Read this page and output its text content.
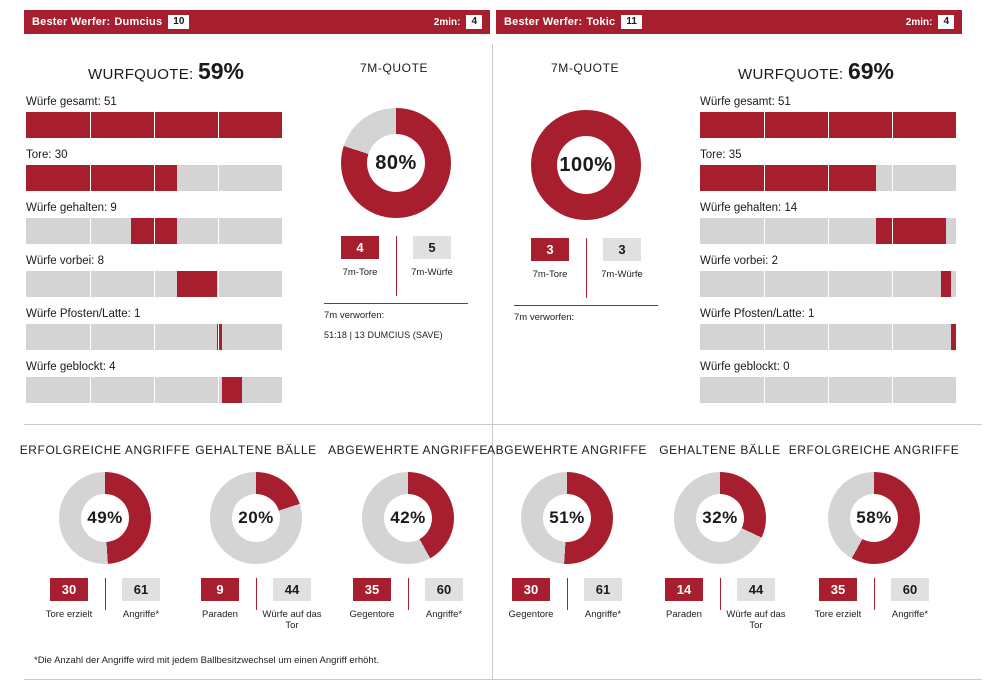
Bester Werfer: Dumcius	10	2min:	4	Bester Werfer: Tokic	11	2min:	4
WURFQUOTE: 59%	7M-QUOTE	7M-QUOTE	WURFQUOTE: 69%
Würfe gesamt: 51
Tore: 30
Würfe gehalten: 9
Würfe vorbei: 8
Würfe Pfosten/Latte: 1
Würfe geblockt: 4
Würfe gesamt: 51
Tore: 35
Würfe gehalten: 14
Würfe vorbei: 2
Würfe Pfosten/Latte: 1
Würfe geblockt: 0
80%
4
7m-Tore
5
7m-Würfe
7m verworfen:
51:18 | 13 DUMCIUS (SAVE)
100%
3
7m-Tore
3
7m-Würfe
7m verworfen:
ERFOLGREICHE ANGRIFFE
49%
30
Tore erzielt
61
Angriffe*
GEHALTENE BÄLLE
20%
9
Paraden
44
Würfe auf das Tor
ABGEWEHRTE ANGRIFFE
42%
35
Gegentore
60
Angriffe*
ABGEWEHRTE ANGRIFFE
51%
30
Gegentore
61
Angriffe*
GEHALTENE BÄLLE
32%
14
Paraden
44
Würfe auf das Tor
ERFOLGREICHE ANGRIFFE
58%
35
Tore erzielt
60
Angriffe*
*Die Anzahl der Angriffe wird mit jedem Ballbesitzwechsel um einen Angriff erhöht.
